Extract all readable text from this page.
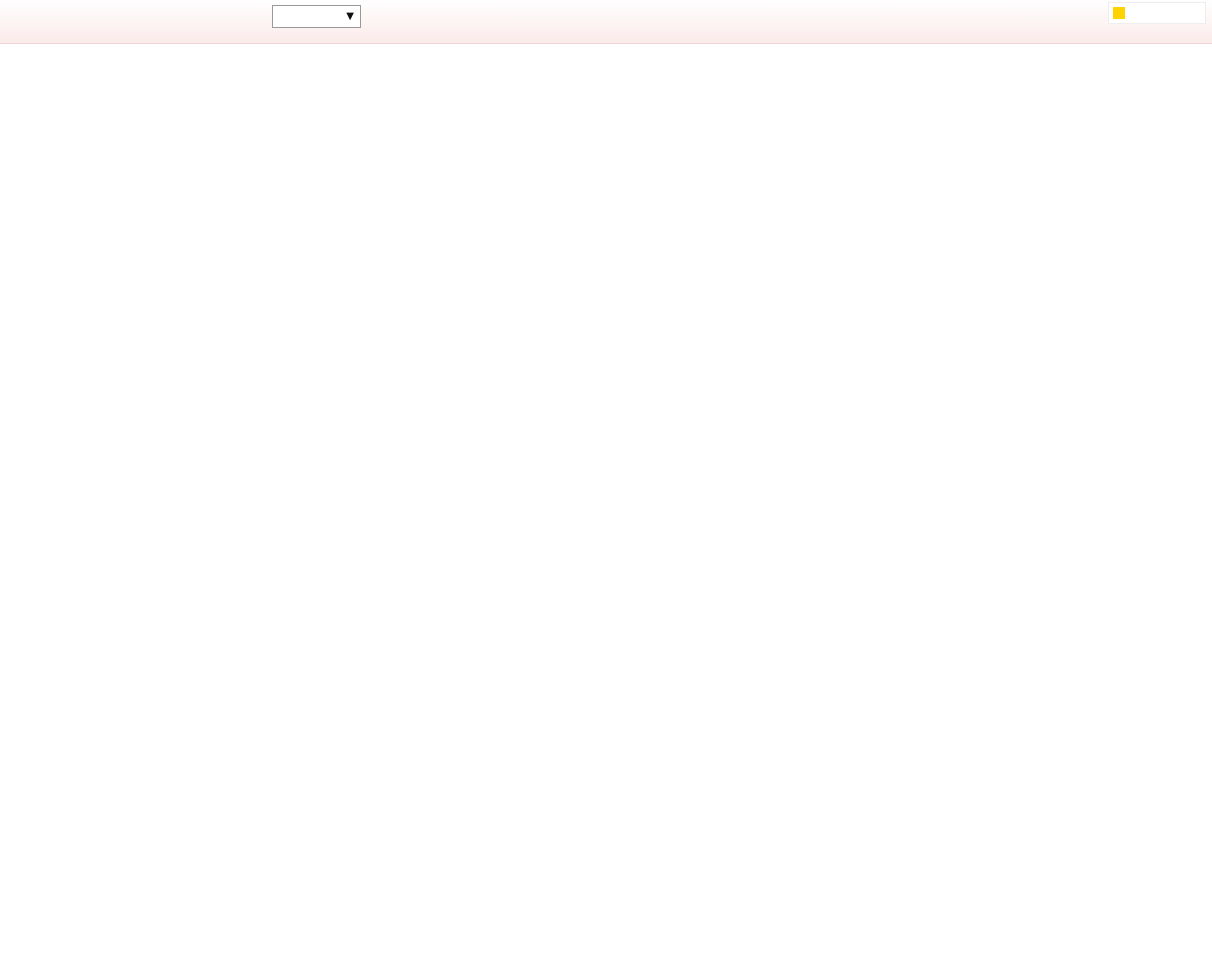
▼
